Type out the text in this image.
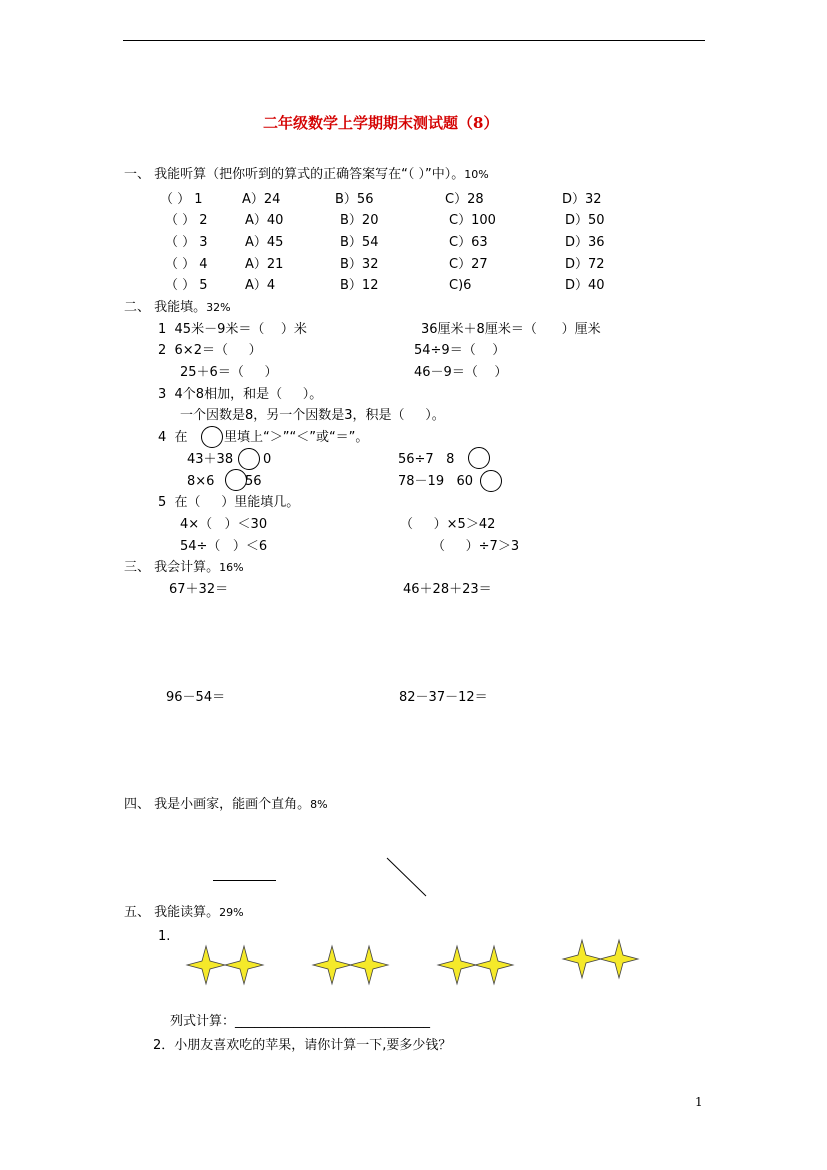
二年级数学上学期期末测试题（8）
一、 我能听算（把你听到的算式的正确答案写在“（ ）”中）。10%
（ ） 1	A）24	B）56	C）28	D）32
（ ） 2	A）40	B）20	C）100	D）50
（ ） 3	A）45	B）54	C）63	D）36
（ ） 4	A）21	B）32	C）27	D）72
（ ） 5	A）4	B）12	C)6	D）40
二、 我能填。32%
1  45米－9米＝（    ）米	36厘米＋8厘米＝（      ）厘米
2  6×2＝（     ）	54÷9＝（    ）
25＋6＝（     ）	46－9＝（    ）
3  4个8相加，和是（     ）。
一个因数是8，另一个因数是3，积是（     ）。
4  在	里填上“＞”“＜”或“＝”。
43＋38 0	56÷7   8
8×6 56	78－19   60
5  在（     ）里能填几。
4×（   ）＜30	（     ）×5＞42
54÷（   ）＜6	（     ）÷7＞3
三、 我会计算。16%
67＋32＝	46＋28＋23＝
96－54＝	82－37－12＝
四、 我是小画家，能画个直角。8%
五、 我能读算。29%
1.
列式计算：______________________________
2．小朋友喜欢吃的苹果，请你计算一下,要多少钱？
1
